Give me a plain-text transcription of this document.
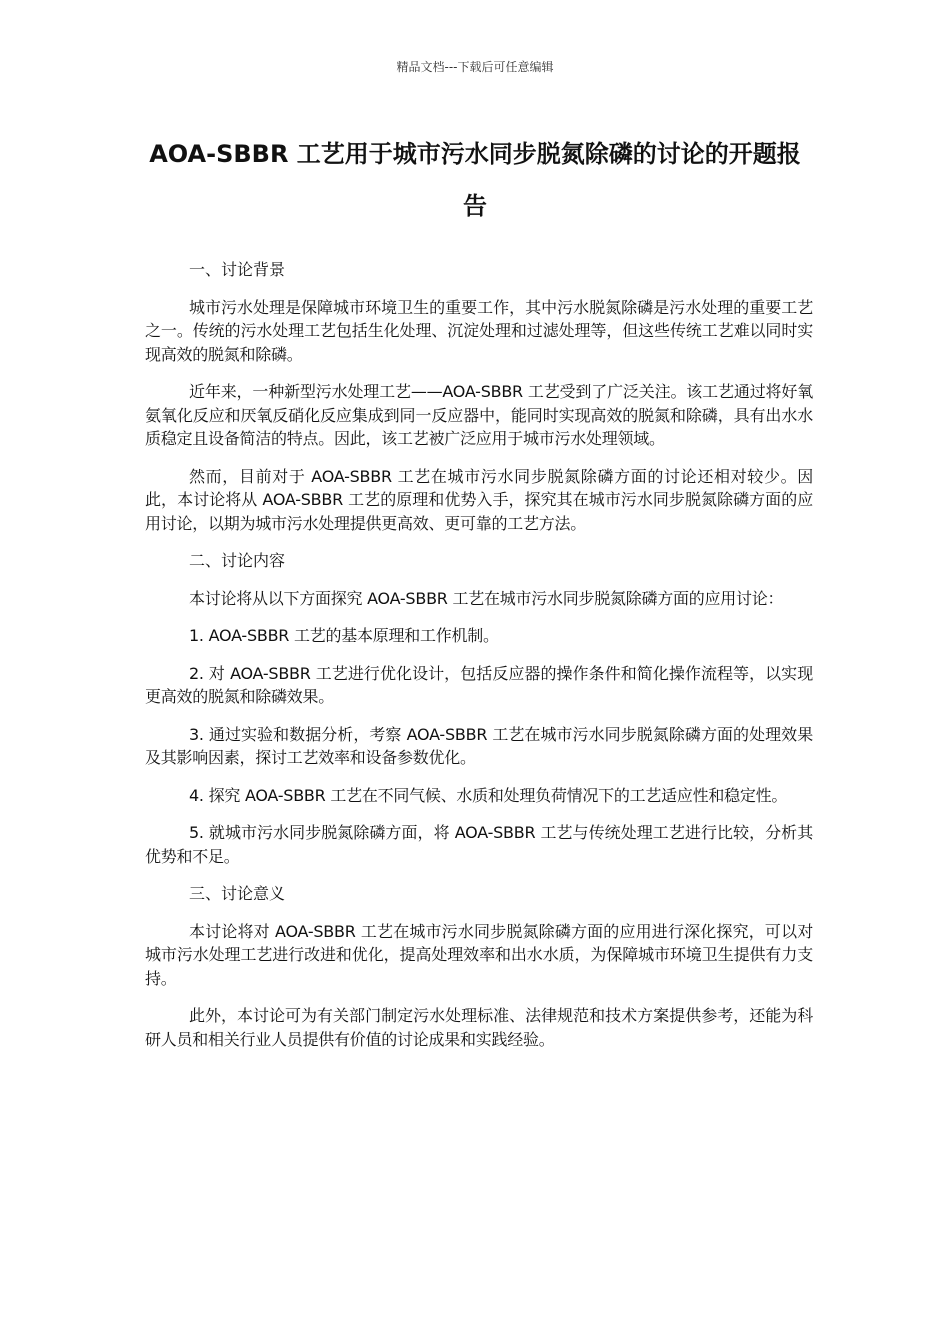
精品文档---下载后可任意编辑
AOA-SBBR 工艺用于城市污水同步脱氮除磷的讨论的开题报告
一、讨论背景

城市污水处理是保障城市环境卫生的重要工作，其中污水脱氮除磷是污水处理的重要工艺之一。传统的污水处理工艺包括生化处理、沉淀处理和过滤处理等，但这些传统工艺难以同时实现高效的脱氮和除磷。

近年来，一种新型污水处理工艺——AOA-SBBR 工艺受到了广泛关注。该工艺通过将好氧氨氧化反应和厌氧反硝化反应集成到同一反应器中，能同时实现高效的脱氮和除磷，具有出水水质稳定且设备简洁的特点。因此，该工艺被广泛应用于城市污水处理领域。

然而，目前对于 AOA-SBBR 工艺在城市污水同步脱氮除磷方面的讨论还相对较少。因此，本讨论将从 AOA-SBBR 工艺的原理和优势入手，探究其在城市污水同步脱氮除磷方面的应用讨论，以期为城市污水处理提供更高效、更可靠的工艺方法。

二、讨论内容

本讨论将从以下方面探究 AOA-SBBR 工艺在城市污水同步脱氮除磷方面的应用讨论：

1. AOA-SBBR 工艺的基本原理和工作机制。

2. 对 AOA-SBBR 工艺进行优化设计，包括反应器的操作条件和简化操作流程等，以实现更高效的脱氮和除磷效果。

3. 通过实验和数据分析，考察 AOA-SBBR 工艺在城市污水同步脱氮除磷方面的处理效果及其影响因素，探讨工艺效率和设备参数优化。

4. 探究 AOA-SBBR 工艺在不同气候、水质和处理负荷情况下的工艺适应性和稳定性。

5. 就城市污水同步脱氮除磷方面，将 AOA-SBBR 工艺与传统处理工艺进行比较，分析其优势和不足。

三、讨论意义

本讨论将对 AOA-SBBR 工艺在城市污水同步脱氮除磷方面的应用进行深化探究，可以对城市污水处理工艺进行改进和优化，提高处理效率和出水水质，为保障城市环境卫生提供有力支持。

此外，本讨论可为有关部门制定污水处理标准、法律规范和技术方案提供参考，还能为科研人员和相关行业人员提供有价值的讨论成果和实践经验。
